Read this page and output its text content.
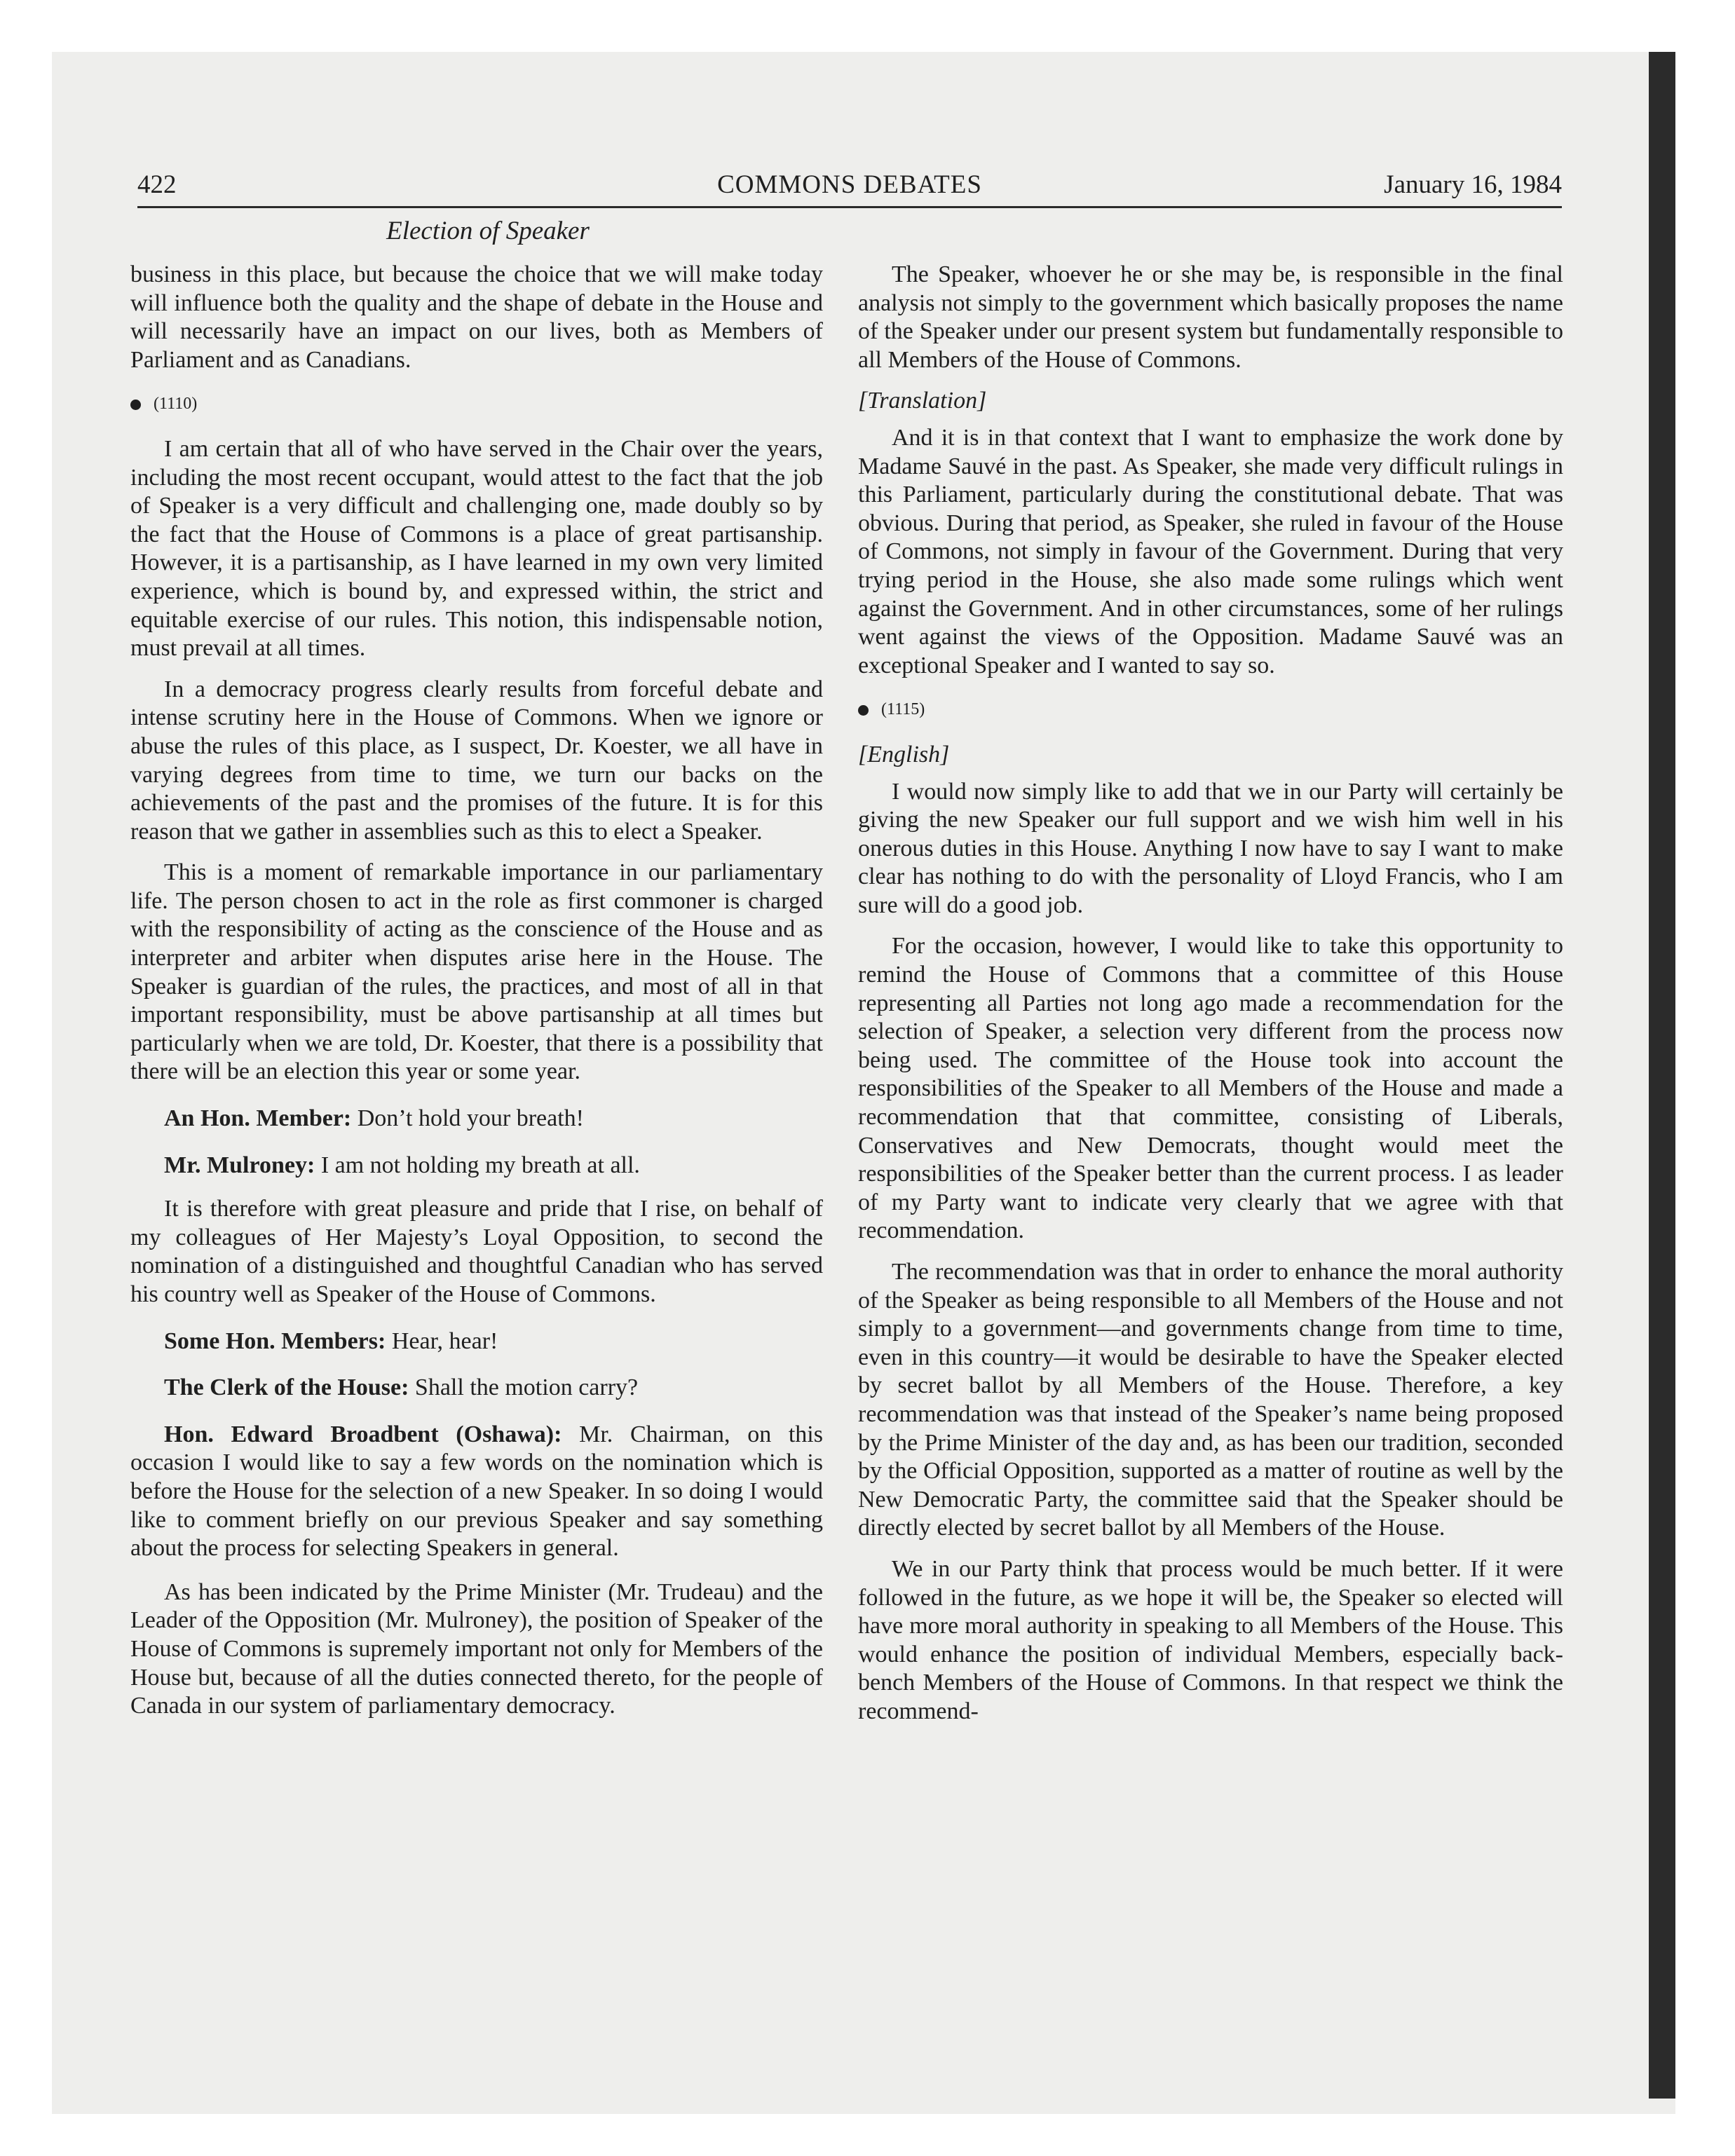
422	COMMONS DEBATES	January 16, 1984
Election of Speaker

business in this place, but because the choice that we will make today will influence both the quality and the shape of debate in the House and will necessarily have an impact on our lives, both as Members of Parliament and as Canadians.

(1110)

I am certain that all of who have served in the Chair over the years, including the most recent occupant, would attest to the fact that the job of Speaker is a very difficult and challenging one, made doubly so by the fact that the House of Commons is a place of great partisanship. However, it is a partisanship, as I have learned in my own very limited experience, which is bound by, and expressed within, the strict and equitable exercise of our rules. This notion, this indispensable notion, must prevail at all times.

In a democracy progress clearly results from forceful debate and intense scrutiny here in the House of Commons. When we ignore or abuse the rules of this place, as I suspect, Dr. Koester, we all have in varying degrees from time to time, we turn our backs on the achievements of the past and the promises of the future. It is for this reason that we gather in assemblies such as this to elect a Speaker.

This is a moment of remarkable importance in our parliamentary life. The person chosen to act in the role as first commoner is charged with the responsibility of acting as the conscience of the House and as interpreter and arbiter when disputes arise here in the House. The Speaker is guardian of the rules, the practices, and most of all in that important responsibility, must be above partisanship at all times but particularly when we are told, Dr. Koester, that there is a possibility that there will be an election this year or some year.

An Hon. Member: Don’t hold your breath!

Mr. Mulroney: I am not holding my breath at all.

It is therefore with great pleasure and pride that I rise, on behalf of my colleagues of Her Majesty’s Loyal Opposition, to second the nomination of a distinguished and thoughtful Canadian who has served his country well as Speaker of the House of Commons.

Some Hon. Members: Hear, hear!

The Clerk of the House: Shall the motion carry?

Hon. Edward Broadbent (Oshawa): Mr. Chairman, on this occasion I would like to say a few words on the nomination which is before the House for the selection of a new Speaker. In so doing I would like to comment briefly on our previous Speaker and say something about the process for selecting Speakers in general.

As has been indicated by the Prime Minister (Mr. Trudeau) and the Leader of the Opposition (Mr. Mulroney), the position of Speaker of the House of Commons is supremely important not only for Members of the House but, because of all the duties connected thereto, for the people of Canada in our system of parliamentary democracy.

The Speaker, whoever he or she may be, is responsible in the final analysis not simply to the government which basically proposes the name of the Speaker under our present system but fundamentally responsible to all Members of the House of Commons.

[Translation]

And it is in that context that I want to emphasize the work done by Madame Sauvé in the past. As Speaker, she made very difficult rulings in this Parliament, particularly during the constitutional debate. That was obvious. During that period, as Speaker, she ruled in favour of the House of Commons, not simply in favour of the Government. During that very trying period in the House, she also made some rulings which went against the Government. And in other circumstances, some of her rulings went against the views of the Opposition. Madame Sauvé was an exceptional Speaker and I wanted to say so.

(1115)

[English]

I would now simply like to add that we in our Party will certainly be giving the new Speaker our full support and we wish him well in his onerous duties in this House. Anything I now have to say I want to make clear has nothing to do with the personality of Lloyd Francis, who I am sure will do a good job.

For the occasion, however, I would like to take this opportunity to remind the House of Commons that a committee of this House representing all Parties not long ago made a recommendation for the selection of Speaker, a selection very different from the process now being used. The committee of the House took into account the responsibilities of the Speaker to all Members of the House and made a recommendation that that committee, consisting of Liberals, Conservatives and New Democrats, thought would meet the responsibilities of the Speaker better than the current process. I as leader of my Party want to indicate very clearly that we agree with that recommendation.

The recommendation was that in order to enhance the moral authority of the Speaker as being responsible to all Members of the House and not simply to a government—and governments change from time to time, even in this country—it would be desirable to have the Speaker elected by secret ballot by all Members of the House. Therefore, a key recommendation was that instead of the Speaker’s name being proposed by the Prime Minister of the day and, as has been our tradition, seconded by the Official Opposition, supported as a matter of routine as well by the New Democratic Party, the committee said that the Speaker should be directly elected by secret ballot by all Members of the House.

We in our Party think that process would be much better. If it were followed in the future, as we hope it will be, the Speaker so elected will have more moral authority in speaking to all Members of the House. This would enhance the position of individual Members, especially back-bench Members of the House of Commons. In that respect we think the recommend-
